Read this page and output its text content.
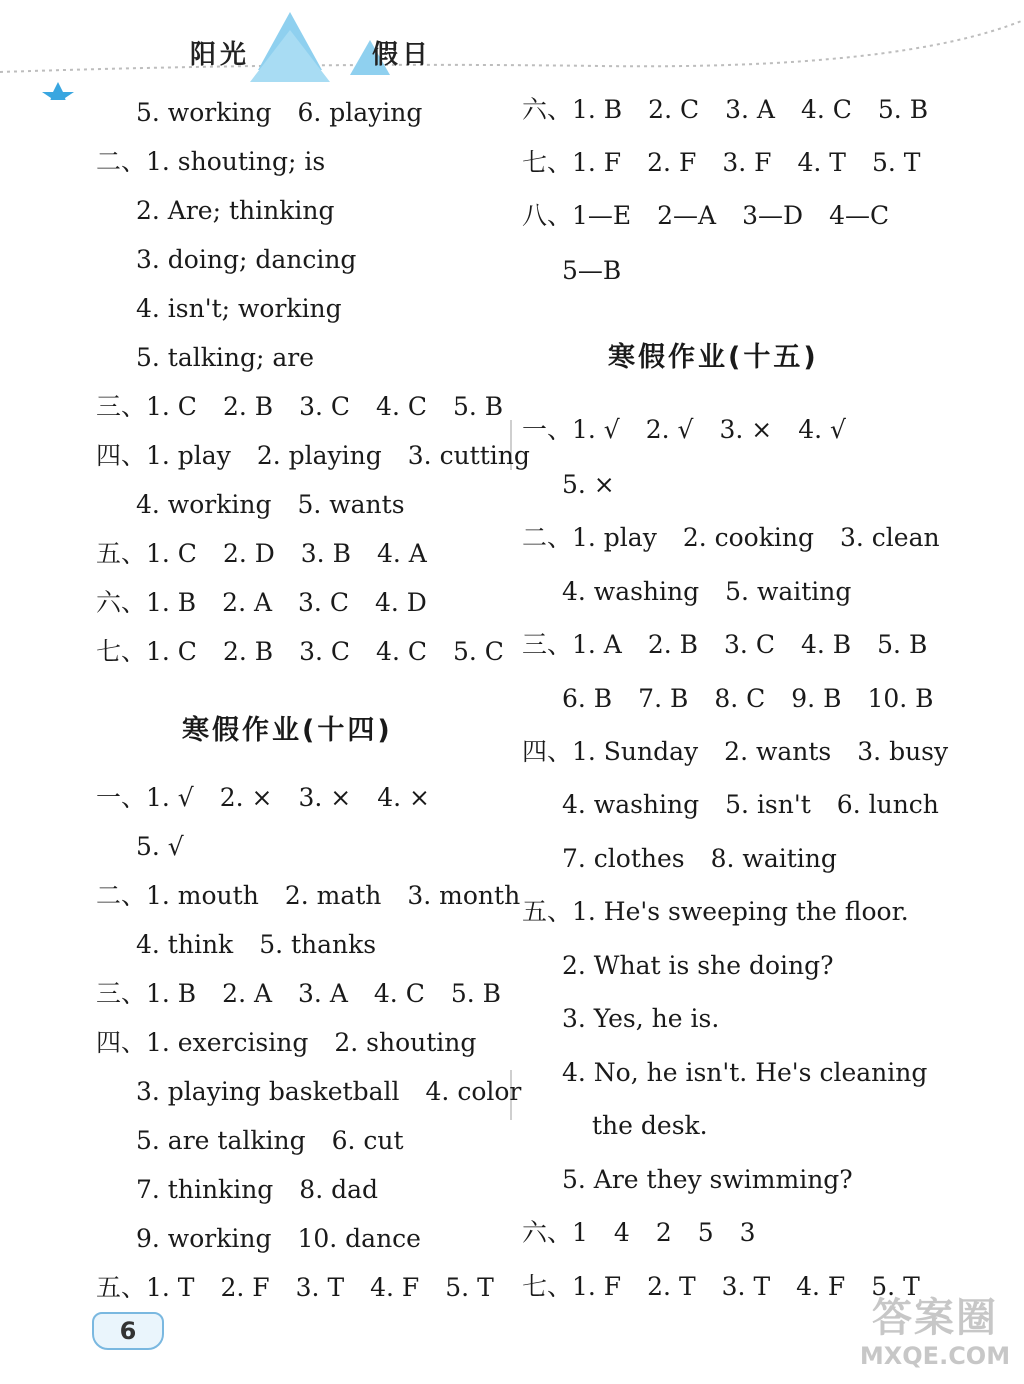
阳光	假日
5. working 6. playing
二、1. shouting; is
2. Are; thinking
3. doing; dancing
4. isn't; working
5. talking; are
三、1. C 2. B 3. C 4. C 5. B
四、1. play 2. playing 3. cutting
4. working 5. wants
五、1. C 2. D 3. B 4. A
六、1. B 2. A 3. C 4. D
七、1. C 2. B 3. C 4. C 5. C
寒假作业(十四)
一、1. √ 2. × 3. × 4. ×
5. √
二、1. mouth 2. math 3. month
4. think 5. thanks
三、1. B 2. A 3. A 4. C 5. B
四、1. exercising 2. shouting
3. playing basketball 4. color
5. are talking 6. cut
7. thinking 8. dad
9. working 10. dance
五、1. T 2. F 3. T 4. F 5. T
六、1. B 2. C 3. A 4. C 5. B
七、1. F 2. F 3. F 4. T 5. T
八、1—E 2—A 3—D 4—C
5—B
寒假作业(十五)
一、1. √ 2. √ 3. × 4. √
5. ×
二、1. play 2. cooking 3. clean
4. washing 5. waiting
三、1. A 2. B 3. C 4. B 5. B
6. B 7. B 8. C 9. B 10. B
四、1. Sunday 2. wants 3. busy
4. washing 5. isn't 6. lunch
7. clothes 8. waiting
五、1. He's sweeping the floor.
2. What is she doing?
3. Yes, he is.
4. No, he isn't. He's cleaning
the desk.
5. Are they swimming?
六、1 4 2 5 3
七、1. F 2. T 3. T 4. F 5. T
6	答案圈
MXQE.COM
